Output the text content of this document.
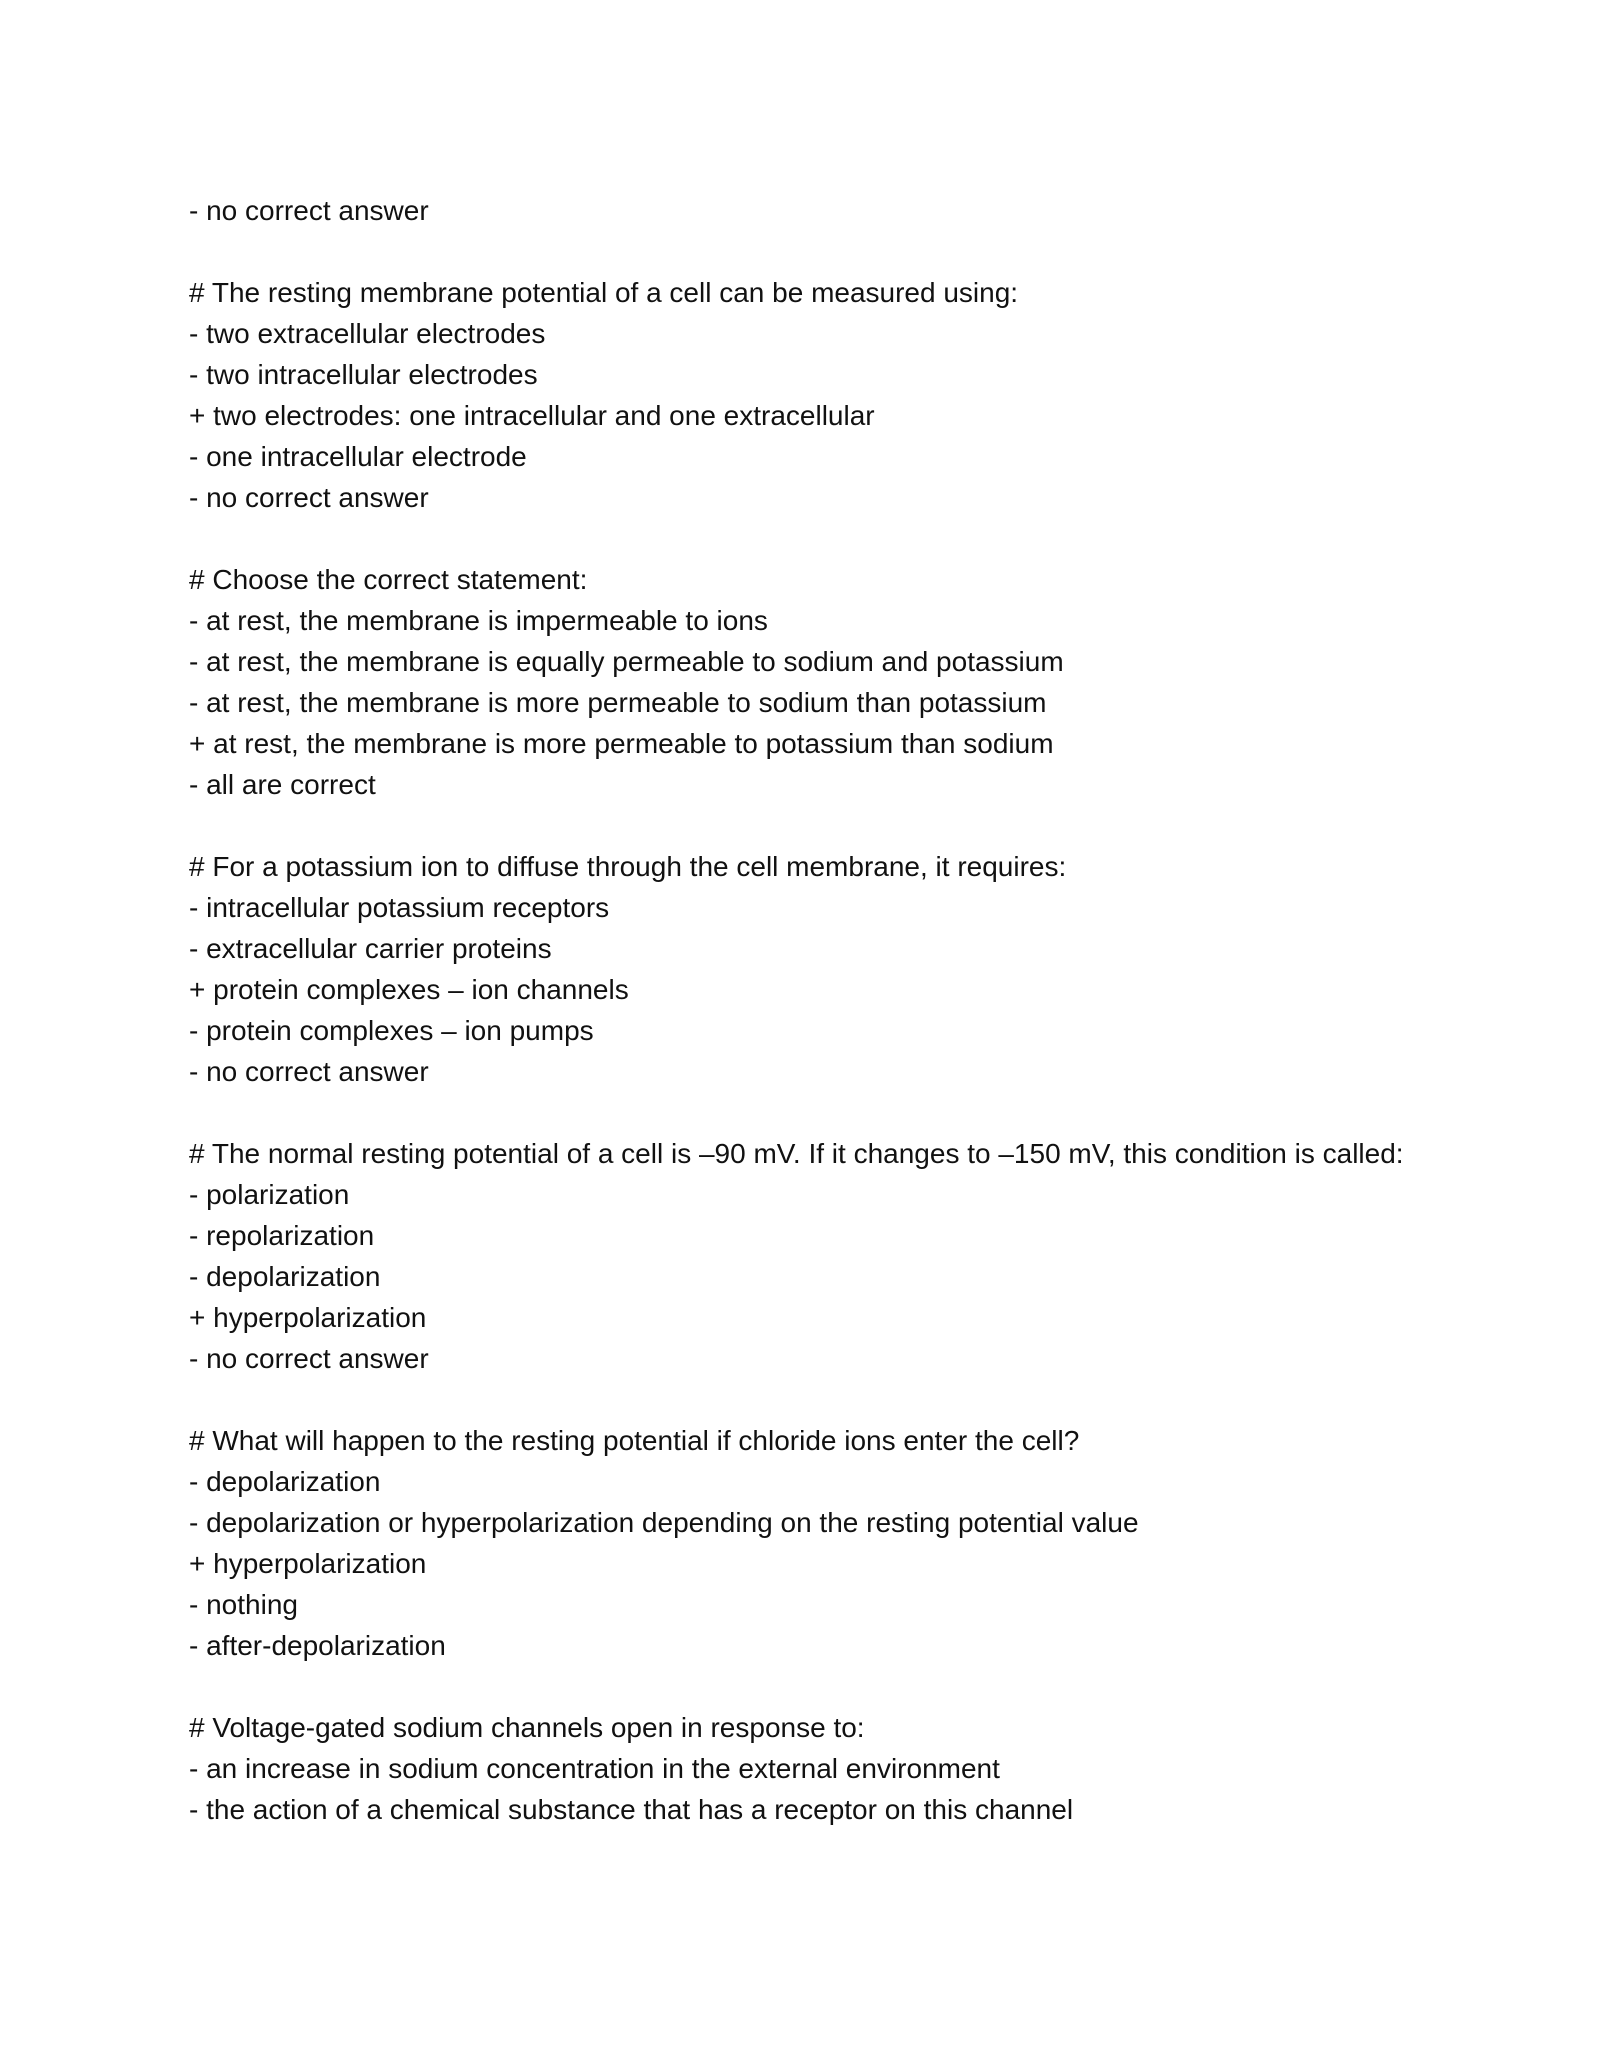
- no correct answer

# The resting membrane potential of a cell can be measured using:

- two extracellular electrodes

- two intracellular electrodes

+ two electrodes: one intracellular and one extracellular

- one intracellular electrode

- no correct answer

# Choose the correct statement:

- at rest, the membrane is impermeable to ions

- at rest, the membrane is equally permeable to sodium and potassium

- at rest, the membrane is more permeable to sodium than potassium

+ at rest, the membrane is more permeable to potassium than sodium

- all are correct

# For a potassium ion to diffuse through the cell membrane, it requires:

- intracellular potassium receptors

- extracellular carrier proteins

+ protein complexes – ion channels

- protein complexes – ion pumps

- no correct answer

# The normal resting potential of a cell is –90 mV. If it changes to –150 mV, this condition is called:

- polarization

- repolarization

- depolarization

+ hyperpolarization

- no correct answer

# What will happen to the resting potential if chloride ions enter the cell?

- depolarization

- depolarization or hyperpolarization depending on the resting potential value

+ hyperpolarization

- nothing

- after-depolarization

# Voltage-gated sodium channels open in response to:

- an increase in sodium concentration in the external environment

- the action of a chemical substance that has a receptor on this channel
